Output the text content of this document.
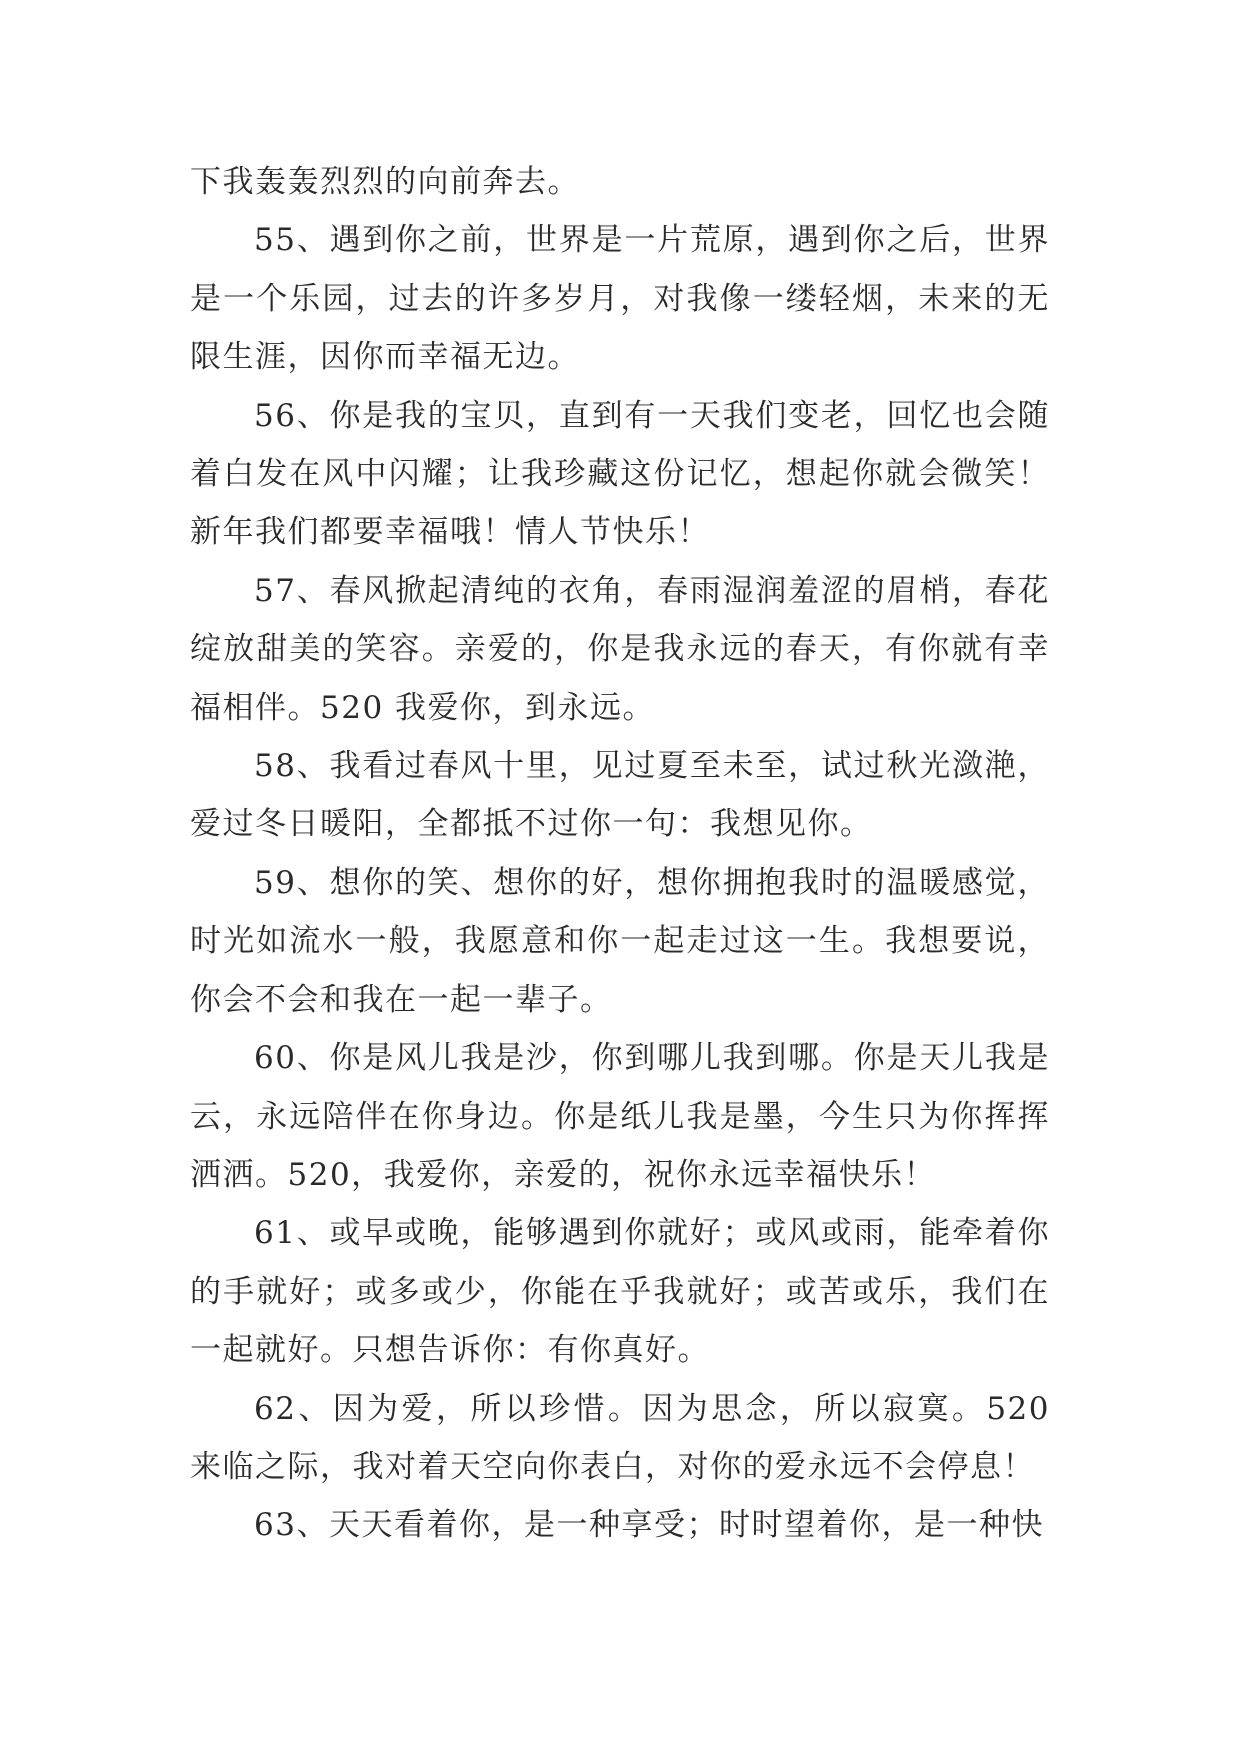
下我轰轰烈烈的向前奔去。

55、遇到你之前，世界是一片荒原，遇到你之后，世界是一个乐园，过去的许多岁月，对我像一缕轻烟，未来的无限生涯，因你而幸福无边。

56、你是我的宝贝，直到有一天我们变老，回忆也会随着白发在风中闪耀；让我珍藏这份记忆，想起你就会微笑！新年我们都要幸福哦！情人节快乐！

57、春风掀起清纯的衣角，春雨湿润羞涩的眉梢，春花绽放甜美的笑容。亲爱的，你是我永远的春天，有你就有幸福相伴。520 我爱你，到永远。

58、我看过春风十里，见过夏至未至，试过秋光潋滟，爱过冬日暖阳，全都抵不过你一句：我想见你。

59、想你的笑、想你的好，想你拥抱我时的温暖感觉，时光如流水一般，我愿意和你一起走过这一生。我想要说，你会不会和我在一起一辈子。

60、你是风儿我是沙，你到哪儿我到哪。你是天儿我是云，永远陪伴在你身边。你是纸儿我是墨，今生只为你挥挥洒洒。520，我爱你，亲爱的，祝你永远幸福快乐！

61、或早或晚，能够遇到你就好；或风或雨，能牵着你的手就好；或多或少，你能在乎我就好；或苦或乐，我们在一起就好。只想告诉你：有你真好。

62、因为爱，所以珍惜。因为思念，所以寂寞。520 来临之际，我对着天空向你表白，对你的爱永远不会停息！

63、天天看着你，是一种享受；时时望着你，是一种快
